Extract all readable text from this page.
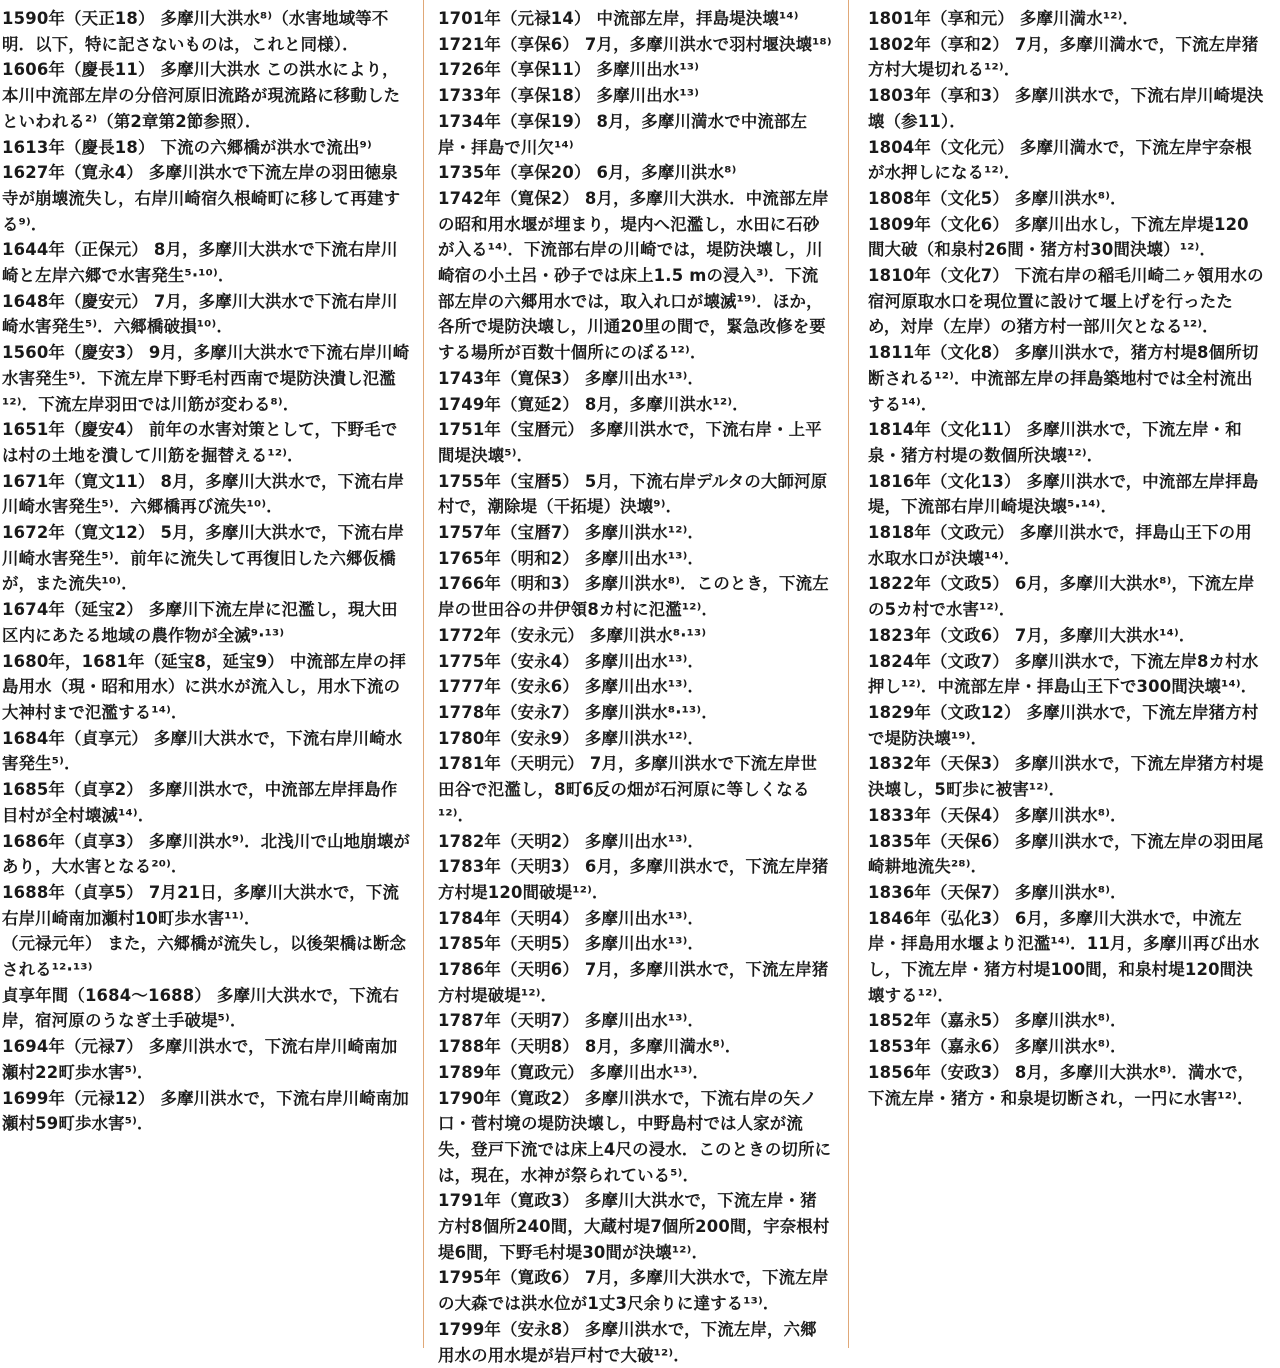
1590年（天正18） 多摩川大洪水⁸⁾（水害地域等不明．以下，特に記さないものは，これと同様）．

1606年（慶長11） 多摩川大洪水 この洪水により，本川中流部左岸の分倍河原旧流路が現流路に移動したといわれる²⁾（第2章第2節参照）．

1613年（慶長18） 下流の六郷橋が洪水で流出⁹⁾

1627年（寛永4） 多摩川洪水で下流左岸の羽田徳泉寺が崩壊流失し，右岸川崎宿久根崎町に移して再建する⁹⁾．

1644年（正保元） 8月，多摩川大洪水で下流右岸川崎と左岸六郷で水害発生⁵·¹⁰⁾．

1648年（慶安元） 7月，多摩川大洪水で下流右岸川崎水害発生⁵⁾．六郷橋破損¹⁰⁾．

1560年（慶安3） 9月，多摩川大洪水で下流右岸川崎水害発生⁵⁾．下流左岸下野毛村西南で堤防決潰し氾濫¹²⁾．下流左岸羽田では川筋が変わる⁸⁾．

1651年（慶安4） 前年の水害対策として，下野毛では村の土地を潰して川筋を掘替える¹²⁾．

1671年（寛文11） 8月，多摩川大洪水で，下流右岸川崎水害発生⁵⁾．六郷橋再び流失¹⁰⁾．

1672年（寛文12） 5月，多摩川大洪水で，下流右岸川崎水害発生⁵⁾．前年に流失して再復旧した六郷仮橋が，また流失¹⁰⁾．

1674年（延宝2） 多摩川下流左岸に氾濫し，現大田区内にあたる地域の農作物が全滅⁹·¹³⁾

1680年，1681年（延宝8，延宝9） 中流部左岸の拝島用水（現・昭和用水）に洪水が流入し，用水下流の大神村まで氾濫する¹⁴⁾．

1684年（貞享元） 多摩川大洪水で，下流右岸川崎水害発生⁵⁾．

1685年（貞享2） 多摩川洪水で，中流部左岸拝島作目村が全村壊滅¹⁴⁾．

1686年（貞享3） 多摩川洪水⁹⁾．北浅川で山地崩壊があり，大水害となる²⁰⁾．

1688年（貞享5） 7月21日，多摩川大洪水で，下流右岸川崎南加瀬村10町歩水害¹¹⁾．

（元禄元年） また，六郷橋が流失し，以後架橋は断念される¹²·¹³⁾

貞享年間（1684～1688） 多摩川大洪水で，下流右岸，宿河原のうなぎ土手破堤⁵⁾．

1694年（元禄7） 多摩川洪水で，下流右岸川崎南加瀬村22町歩水害⁵⁾．

1699年（元禄12） 多摩川洪水で，下流右岸川崎南加瀬村59町歩水害⁵⁾．

1701年（元禄14） 中流部左岸，拝島堤決壊¹⁴⁾

1721年（享保6） 7月，多摩川洪水で羽村堰決壊¹⁸⁾

1726年（享保11） 多摩川出水¹³⁾

1733年（享保18） 多摩川出水¹³⁾

1734年（享保19） 8月，多摩川満水で中流部左岸・拝島で川欠¹⁴⁾

1735年（享保20） 6月，多摩川洪水⁸⁾

1742年（寛保2） 8月，多摩川大洪水．中流部左岸の昭和用水堰が埋まり，堤内へ氾濫し，水田に石砂が入る¹⁴⁾．下流部右岸の川崎では，堤防決壊し，川崎宿の小土呂・砂子では床上1.5 mの浸入³⁾．下流部左岸の六郷用水では，取入れ口が壊滅¹⁹⁾．ほか，各所で堤防決壊し，川通20里の間で，緊急改修を要する場所が百数十個所にのぼる¹²⁾．

1743年（寛保3） 多摩川出水¹³⁾．

1749年（寛延2） 8月，多摩川洪水¹²⁾．

1751年（宝暦元） 多摩川洪水で，下流右岸・上平間堤決壊⁵⁾．

1755年（宝暦5） 5月，下流右岸デルタの大師河原村で，潮除堤（干拓堤）決壊⁹⁾．

1757年（宝暦7） 多摩川洪水¹²⁾．

1765年（明和2） 多摩川出水¹³⁾．

1766年（明和3） 多摩川洪水⁸⁾．このとき，下流左岸の世田谷の井伊領8カ村に氾濫¹²⁾．

1772年（安永元） 多摩川洪水⁸·¹³⁾

1775年（安永4） 多摩川出水¹³⁾．

1777年（安永6） 多摩川出水¹³⁾．

1778年（安永7） 多摩川洪水⁸·¹³⁾．

1780年（安永9） 多摩川洪水¹²⁾．

1781年（天明元） 7月，多摩川洪水で下流左岸世田谷で氾濫し，8町6反の畑が石河原に等しくなる¹²⁾．

1782年（天明2） 多摩川出水¹³⁾．

1783年（天明3） 6月，多摩川洪水で，下流左岸猪方村堤120間破堤¹²⁾．

1784年（天明4） 多摩川出水¹³⁾．

1785年（天明5） 多摩川出水¹³⁾．

1786年（天明6） 7月，多摩川洪水で，下流左岸猪方村堤破堤¹²⁾．

1787年（天明7） 多摩川出水¹³⁾．

1788年（天明8） 8月，多摩川満水⁸⁾．

1789年（寛政元） 多摩川出水¹³⁾．

1790年（寛政2） 多摩川洪水で，下流右岸の矢ノ口・菅村境の堤防決壊し，中野島村では人家が流失，登戸下流では床上4尺の浸水．このときの切所には，現在，水神が祭られている⁵⁾．

1791年（寛政3） 多摩川大洪水で，下流左岸・猪方村8個所240間，大蔵村堤7個所200間，宇奈根村堤6間，下野毛村堤30間が決壊¹²⁾．

1795年（寛政6） 7月，多摩川大洪水で，下流左岸の大森では洪水位が1丈3尺余りに達する¹³⁾．

1799年（安永8） 多摩川洪水で，下流左岸，六郷用水の用水堤が岩戸村で大破¹²⁾．

1801年（享和元） 多摩川満水¹²⁾．

1802年（享和2） 7月，多摩川満水で，下流左岸猪方村大堤切れる¹²⁾．

1803年（享和3） 多摩川洪水で，下流右岸川崎堤決壊（参11）．

1804年（文化元） 多摩川満水で，下流左岸宇奈根が水押しになる¹²⁾．

1808年（文化5） 多摩川洪水⁸⁾．

1809年（文化6） 多摩川出水し，下流左岸堤120間大破（和泉村26間・猪方村30間決壊）¹²⁾．

1810年（文化7） 下流右岸の稲毛川崎二ヶ領用水の宿河原取水口を現位置に設けて堰上げを行ったため，対岸（左岸）の猪方村一部川欠となる¹²⁾．

1811年（文化8） 多摩川洪水で，猪方村堤8個所切断される¹²⁾．中流部左岸の拝島築地村では全村流出する¹⁴⁾．

1814年（文化11） 多摩川洪水で，下流左岸・和泉・猪方村堤の数個所決壊¹²⁾．

1816年（文化13） 多摩川洪水で，中流部左岸拝島堤，下流部右岸川崎堤決壊⁵·¹⁴⁾．

1818年（文政元） 多摩川洪水で，拝島山王下の用水取水口が決壊¹⁴⁾．

1822年（文政5） 6月，多摩川大洪水⁸⁾，下流左岸の5カ村で水害¹²⁾．

1823年（文政6） 7月，多摩川大洪水¹⁴⁾．

1824年（文政7） 多摩川洪水で，下流左岸8カ村水押し¹²⁾．中流部左岸・拝島山王下で300間決壊¹⁴⁾．

1829年（文政12） 多摩川洪水で，下流左岸猪方村で堤防決壊¹⁹⁾．

1832年（天保3） 多摩川洪水で，下流左岸猪方村堤決壊し，5町歩に被害¹²⁾．

1833年（天保4） 多摩川洪水⁸⁾．

1835年（天保6） 多摩川洪水で，下流左岸の羽田尾崎耕地流失²⁸⁾．

1836年（天保7） 多摩川洪水⁸⁾．

1846年（弘化3） 6月，多摩川大洪水で，中流左岸・拝島用水堰より氾濫¹⁴⁾．11月，多摩川再び出水し，下流左岸・猪方村堤100間，和泉村堤120間決壊する¹²⁾．

1852年（嘉永5） 多摩川洪水⁸⁾．

1853年（嘉永6） 多摩川洪水⁸⁾．

1856年（安政3） 8月，多摩川大洪水⁸⁾．満水で，下流左岸・猪方・和泉堤切断され，一円に水害¹²⁾．
